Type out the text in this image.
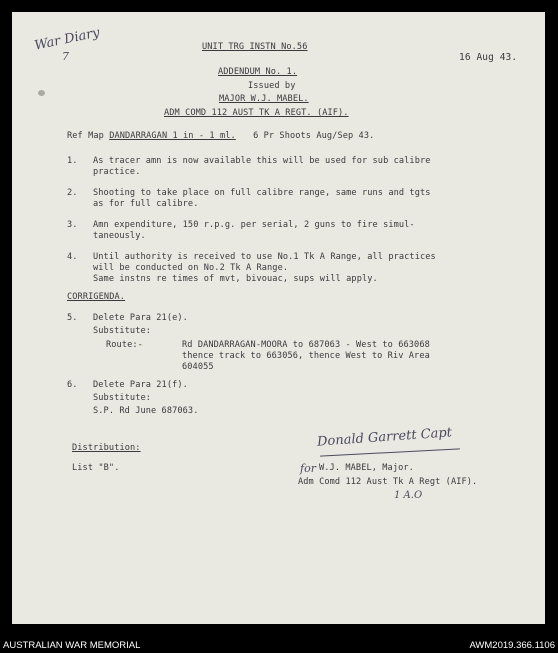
War Diary
7	16 Aug 43.
UNIT TRG INSTN No.56
ADDENDUM No. 1.
Issued by
MAJOR W.J. MABEL.
ADM COMD 112 AUST TK A REGT. (AIF).
Ref Map DANDARRAGAN 1 in - 1 ml. 6 Pr Shoots Aug/Sep 43.
1. As tracer amn is now available this will be used for sub calibre
practice.
2. Shooting to take place on full calibre range, same runs and tgts
as for full calibre.
3. Amn expenditure, 150 r.p.g. per serial, 2 guns to fire simul-
taneously.
4. Until authority is received to use No.1 Tk A Range, all practices
will be conducted on No.2 Tk A Range.
Same instns re times of mvt, bivouac, sups will apply.
CORRIGENDA.
5. Delete Para 21(e).
Substitute:
Route:-	Rd DANDARRAGAN-MOORA to 687063 - West to 663068
thence track to 663056, thence West to Riv Area
604055
6. Delete Para 21(f).
Substitute:
S.P. Rd June 687063.
Distribution:
List "B".
Donald Garrett Capt
for W.J. MABEL, Major.
Adm Comd 112 Aust Tk A Regt (AIF).
1 A.O
AUSTRALIAN WAR MEMORIAL	AWM2019.366.1106
